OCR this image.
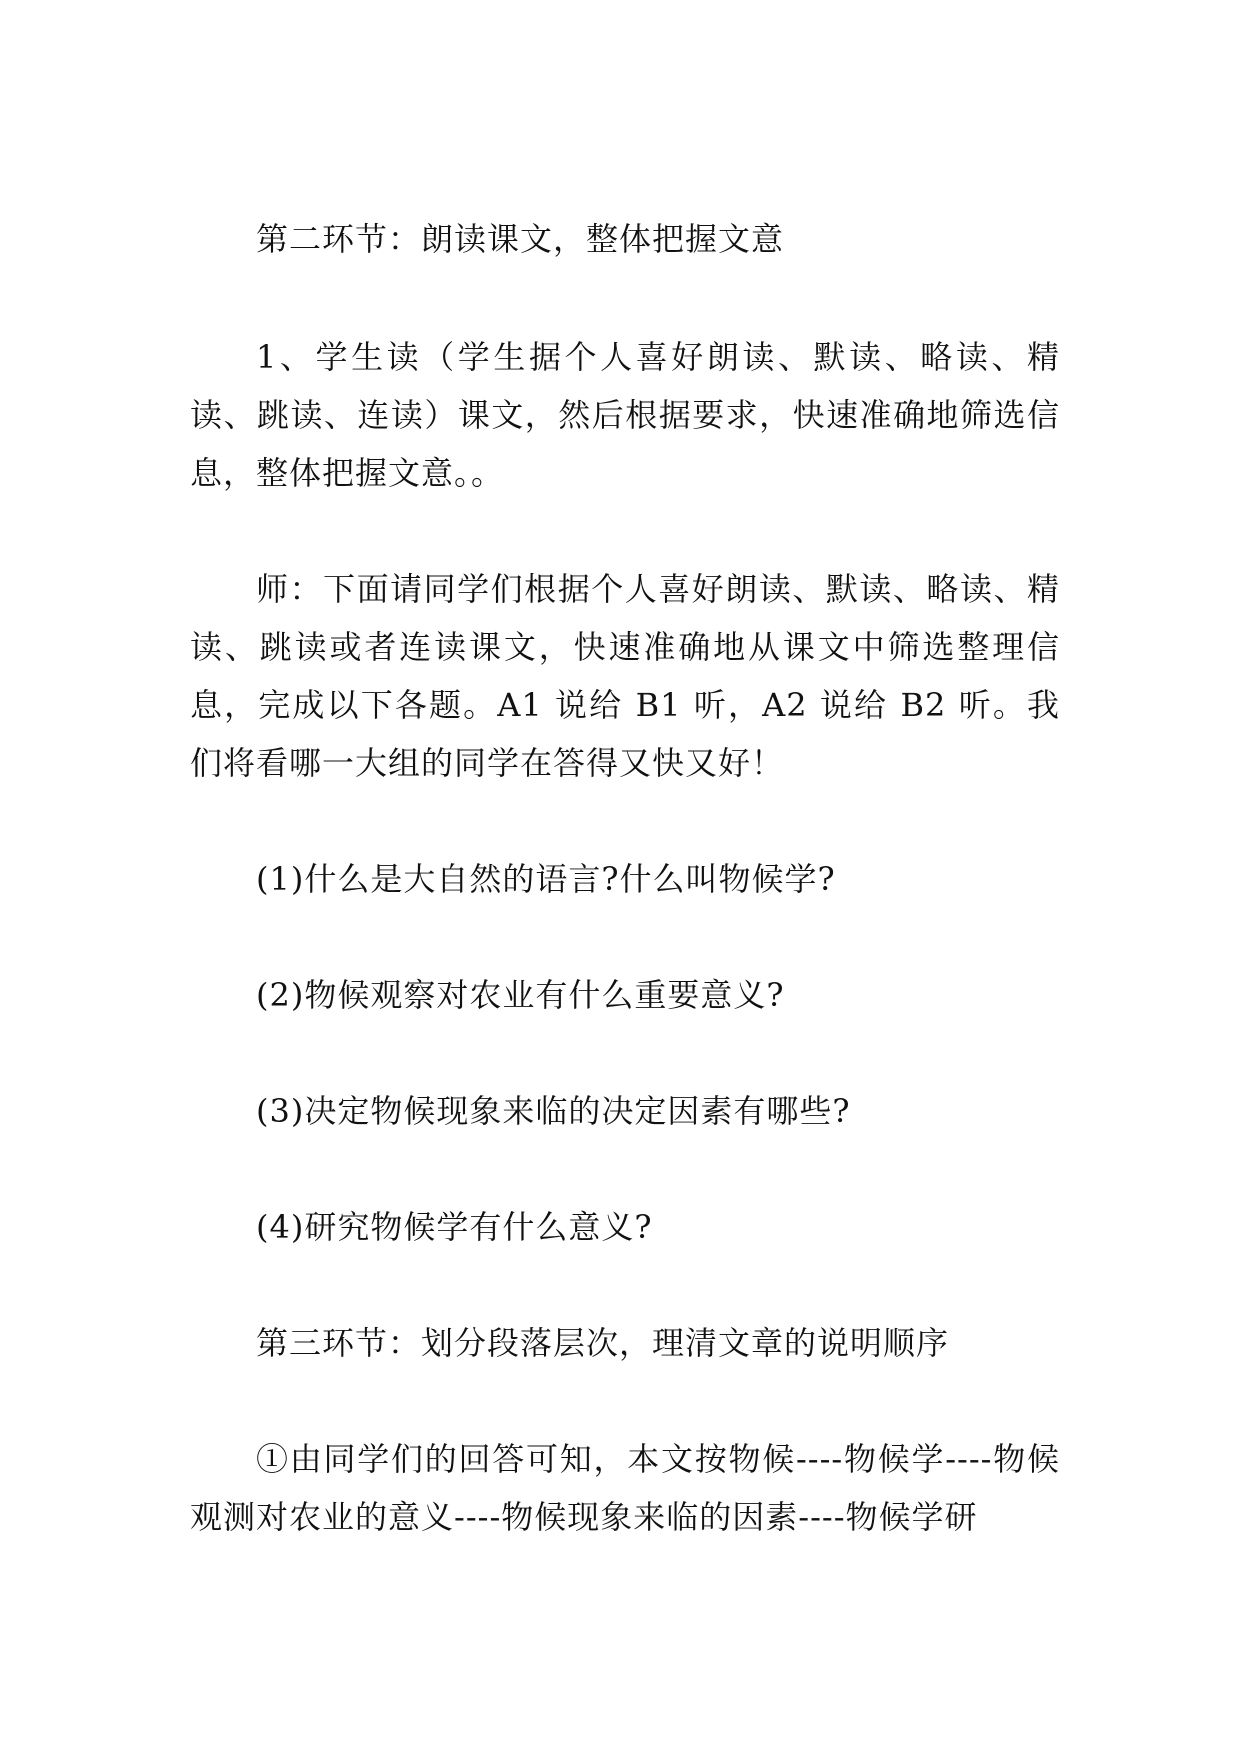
第二环节：朗读课文，整体把握文意

1、学生读（学生据个人喜好朗读、默读、略读、精读、跳读、连读）课文，然后根据要求，快速准确地筛选信息，整体把握文意。。

师：下面请同学们根据个人喜好朗读、默读、略读、精读、跳读或者连读课文，快速准确地从课文中筛选整理信息，完成以下各题。A1 说给 B1 听，A2 说给 B2 听。我们将看哪一大组的同学在答得又快又好！

(1)什么是大自然的语言?什么叫物候学?

(2)物候观察对农业有什么重要意义?

(3)决定物候现象来临的决定因素有哪些?

(4)研究物候学有什么意义?

第三环节：划分段落层次，理清文章的说明顺序

①由同学们的回答可知，本文按物候----物候学----物候观测对农业的意义----物候现象来临的因素----物候学研
